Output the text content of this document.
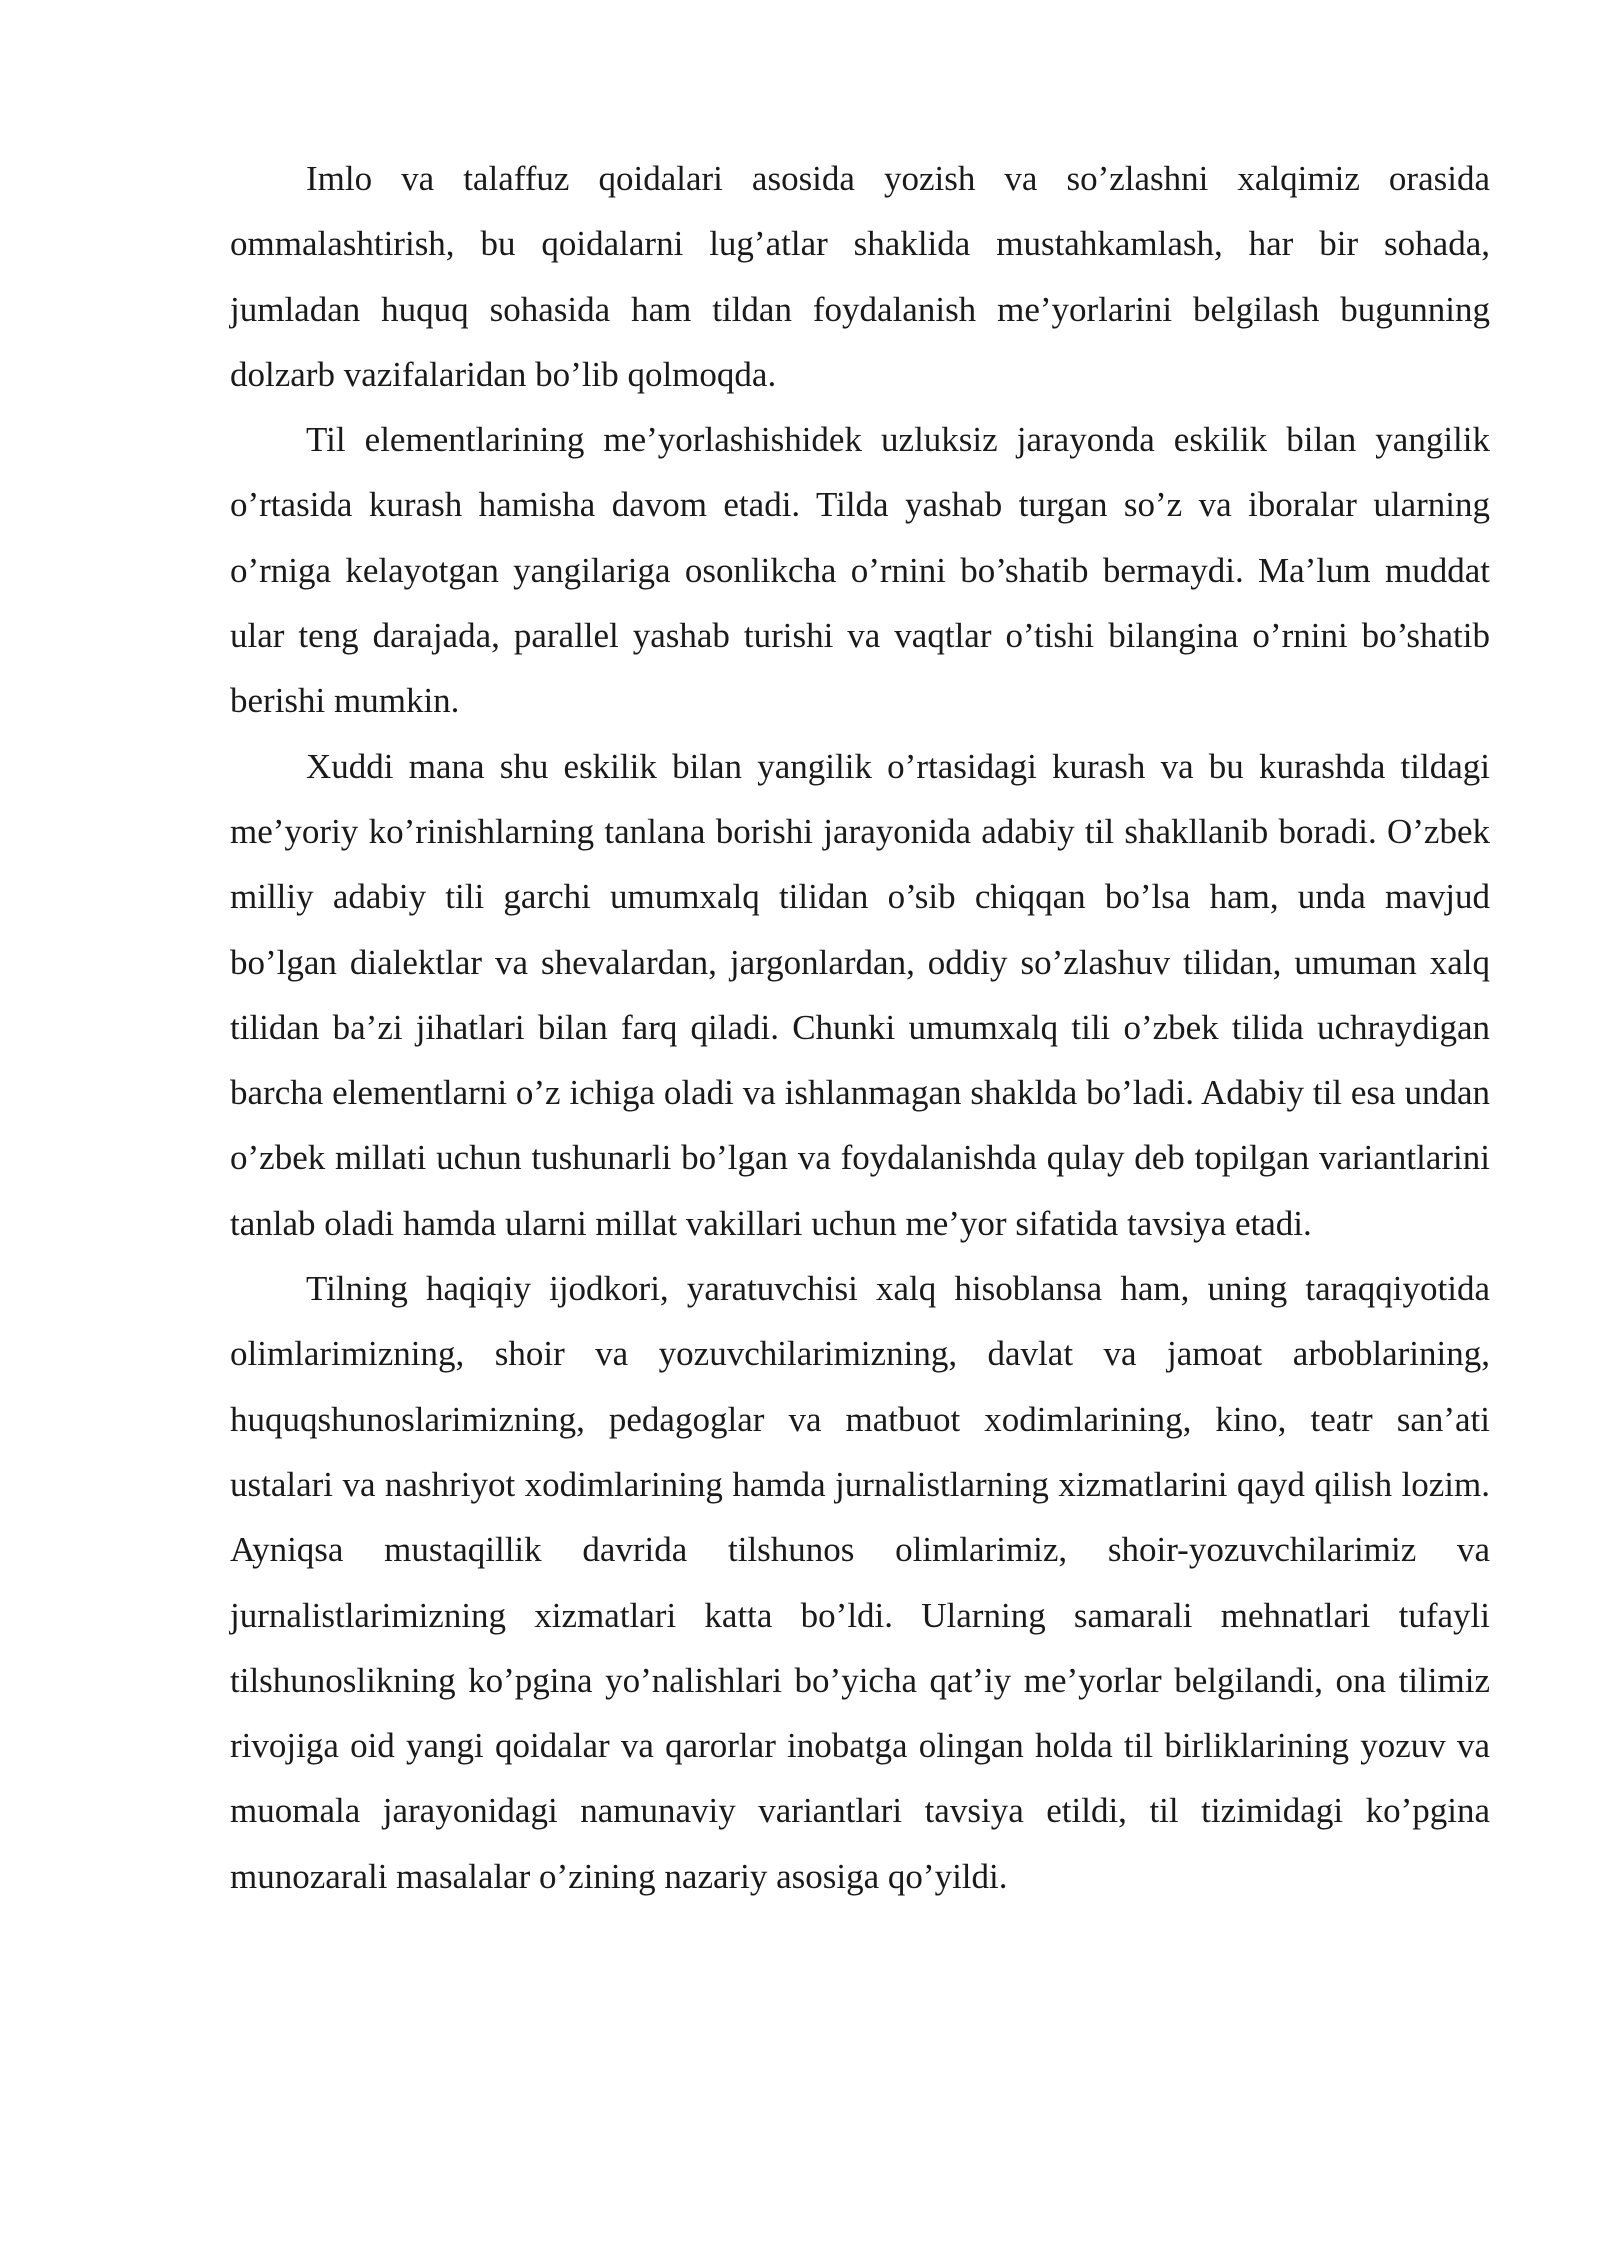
Imlo va talaffuz qoidalari asosida yozish va so’zlashni xalqimiz orasida ommalashtirish, bu qoidalarni lug’atlar shaklida mustahkamlash, har bir sohada, jumladan huquq sohasida ham tildan foydalanish me’yorlarini belgilash bugunning dolzarb vazifalaridan bo’lib qolmoqda.

Til elementlarining me’yorlashishidek uzluksiz jarayonda eskilik bilan yangilik o’rtasida kurash hamisha davom etadi. Tilda yashab turgan so’z va iboralar ularning o’rniga kelayotgan yangilariga osonlikcha o’rnini bo’shatib bermaydi. Ma’lum muddat ular teng darajada, parallel yashab turishi va vaqtlar o’tishi bilangina o’rnini bo’shatib berishi mumkin.

Xuddi mana shu eskilik bilan yangilik o’rtasidagi kurash va bu kurashda tildagi me’yoriy ko’rinishlarning tanlana borishi jarayonida adabiy til shakllanib boradi. O’zbek milliy adabiy tili garchi umumxalq tilidan o’sib chiqqan bo’lsa ham, unda mavjud bo’lgan dialektlar va shevalardan, jargonlardan, oddiy so’zlashuv tilidan, umuman xalq tilidan ba’zi jihatlari bilan farq qiladi. Chunki umumxalq tili o’zbek tilida uchraydigan barcha elementlarni o’z ichiga oladi va ishlanmagan shaklda bo’ladi. Adabiy til esa undan o’zbek millati uchun tushunarli bo’lgan va foydalanishda qulay deb topilgan variantlarini tanlab oladi hamda ularni millat vakillari uchun me’yor sifatida tavsiya etadi.

Tilning haqiqiy ijodkori, yaratuvchisi xalq hisoblansa ham, uning taraqqiyotida olimlarimizning, shoir va yozuvchilarimizning, davlat va jamoat arboblarining, huquqshunoslarimizning, pedagoglar va matbuot xodimlarining, kino, teatr san’ati ustalari va nashriyot xodimlarining hamda jurnalistlarning xizmatlarini qayd qilish lozim. Ayniqsa mustaqillik davrida tilshunos olimlarimiz, shoir-yozuvchilarimiz va jurnalistlarimizning xizmatlari katta bo’ldi. Ularning samarali mehnatlari tufayli tilshunoslikning ko’pgina yo’nalishlari bo’yicha qat’iy me’yorlar belgilandi, ona tilimiz rivojiga oid yangi qoidalar va qarorlar inobatga olingan holda til birliklarining yozuv va muomala jarayonidagi namunaviy variantlari tavsiya etildi, til tizimidagi ko’pgina munozarali masalalar o’zining nazariy asosiga qo’yildi.
